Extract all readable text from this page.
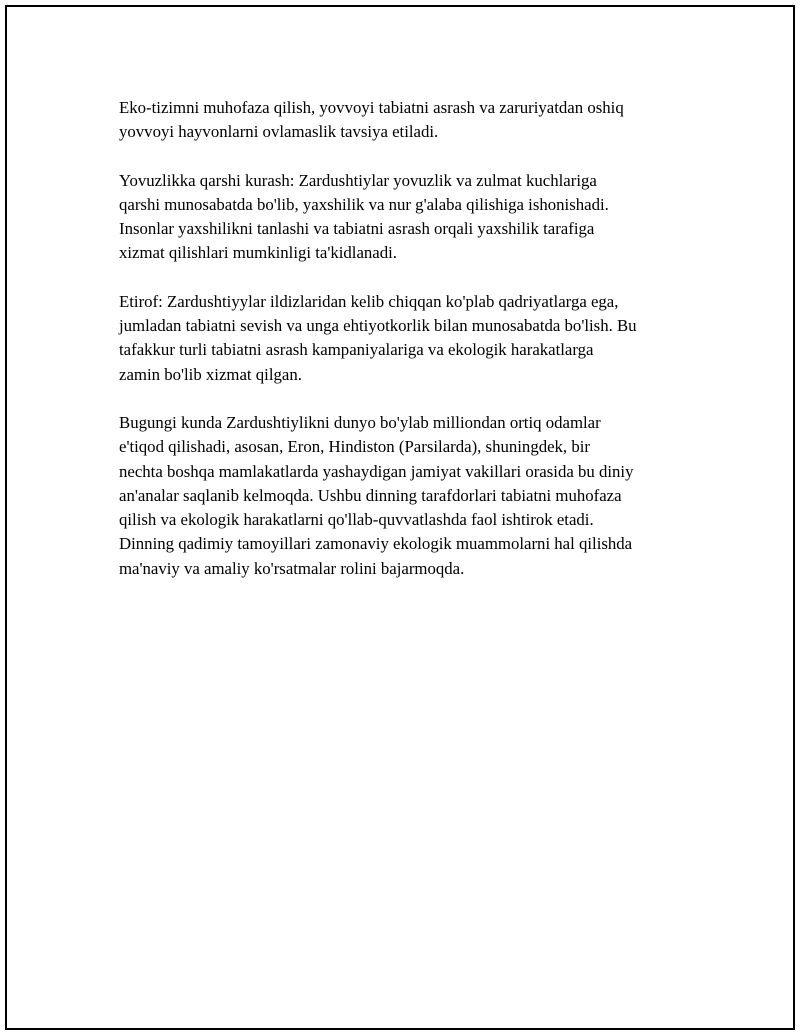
Eko-tizimni muhofaza qilish, yovvoyi tabiatni asrash va zaruriyatdan oshiq
yovvoyi hayvonlarni ovlamaslik tavsiya etiladi.

Yovuzlikka qarshi kurash: Zardushtiylar yovuzlik va zulmat kuchlariga
qarshi munosabatda bo'lib, yaxshilik va nur g'alaba qilishiga ishonishadi.
Insonlar yaxshilikni tanlashi va tabiatni asrash orqali yaxshilik tarafiga
xizmat qilishlari mumkinligi ta'kidlanadi.

Etirof: Zardushtiyylar ildizlaridan kelib chiqqan ko'plab qadriyatlarga ega,
jumladan tabiatni sevish va unga ehtiyotkorlik bilan munosabatda bo'lish. Bu
tafakkur turli tabiatni asrash kampaniyalariga va ekologik harakatlarga
zamin bo'lib xizmat qilgan.

Bugungi kunda Zardushtiylikni dunyo bo'ylab milliondan ortiq odamlar
e'tiqod qilishadi, asosan, Eron, Hindiston (Parsilarda), shuningdek, bir
nechta boshqa mamlakatlarda yashaydigan jamiyat vakillari orasida bu diniy
an'analar saqlanib kelmoqda. Ushbu dinning tarafdorlari tabiatni muhofaza
qilish va ekologik harakatlarni qo'llab-quvvatlashda faol ishtirok etadi.
Dinning qadimiy tamoyillari zamonaviy ekologik muammolarni hal qilishda
ma'naviy va amaliy ko'rsatmalar rolini bajarmoqda.
